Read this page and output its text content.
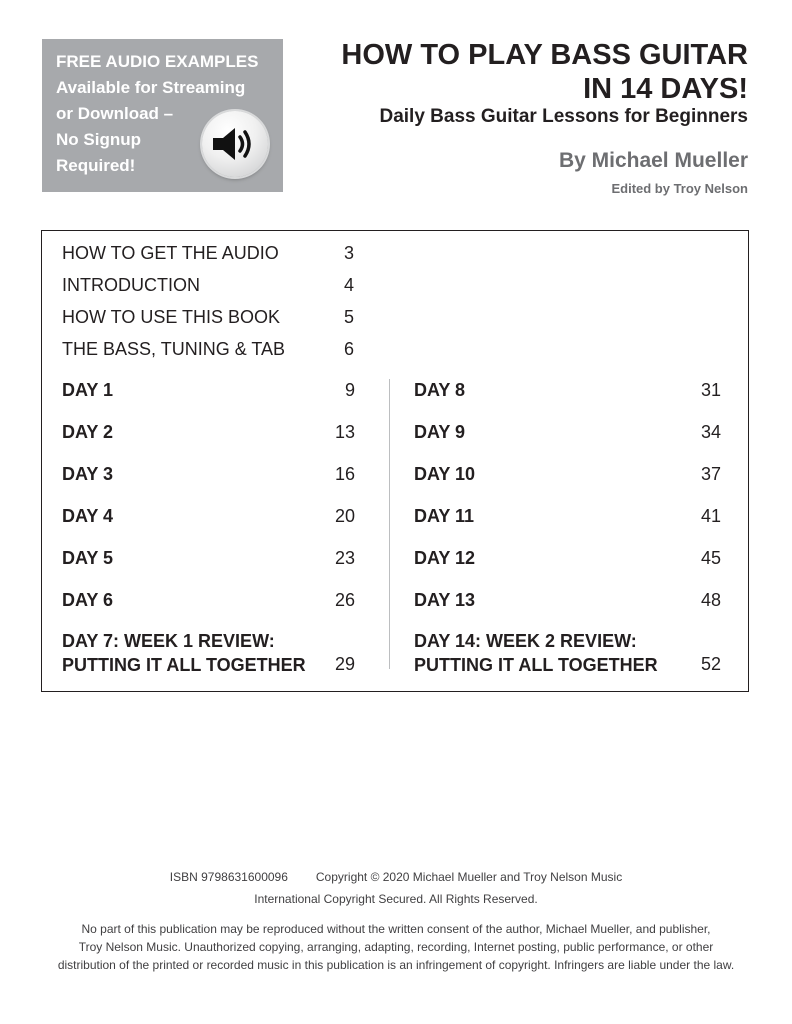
FREE AUDIO EXAMPLES
Available for Streaming
or Download –
No Signup
Required!
HOW TO PLAY BASS GUITAR
IN 14 DAYS!
Daily Bass Guitar Lessons for Beginners
By Michael Mueller
Edited by Troy Nelson
HOW TO GET THE AUDIO	3
INTRODUCTION	4
HOW TO USE THIS BOOK	5
THE BASS, TUNING & TAB	6
DAY 1	9
DAY 2	13
DAY 3	16
DAY 4	20
DAY 5	23
DAY 6	26
DAY 7: WEEK 1 REVIEW:
PUTTING IT ALL TOGETHER 29
DAY 8	31
DAY 9	34
DAY 10	37
DAY 11	41
DAY 12	45
DAY 13	48
DAY 14: WEEK 2 REVIEW:
PUTTING IT ALL TOGETHER 52
ISBN 9798631600096 Copyright © 2020 Michael Mueller and Troy Nelson Music
International Copyright Secured. All Rights Reserved.
No part of this publication may be reproduced without the written consent of the author, Michael Mueller, and publisher,
Troy Nelson Music. Unauthorized copying, arranging, adapting, recording, Internet posting, public performance, or other
distribution of the printed or recorded music in this publication is an infringement of copyright. Infringers are liable under the law.
